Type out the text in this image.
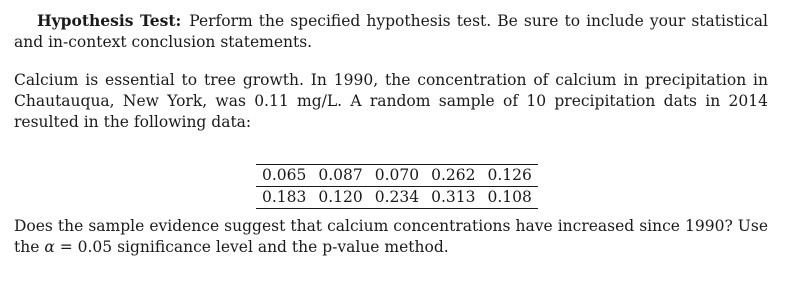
Hypothesis Test: Perform the specified hypothesis test. Be sure to include your statistical and in-context conclusion statements.

Calcium is essential to tree growth. In 1990, the concentration of calcium in precipitation in Chautauqua, New York, was 0.11 mg/L. A random sample of 10 precipitation dats in 2014 resulted in the following data:

0.065	0.087	0.070	0.262	0.126
0.183	0.120	0.234	0.313	0.108

Does the sample evidence suggest that calcium concentrations have increased since 1990? Use the α = 0.05 significance level and the p-value method.
